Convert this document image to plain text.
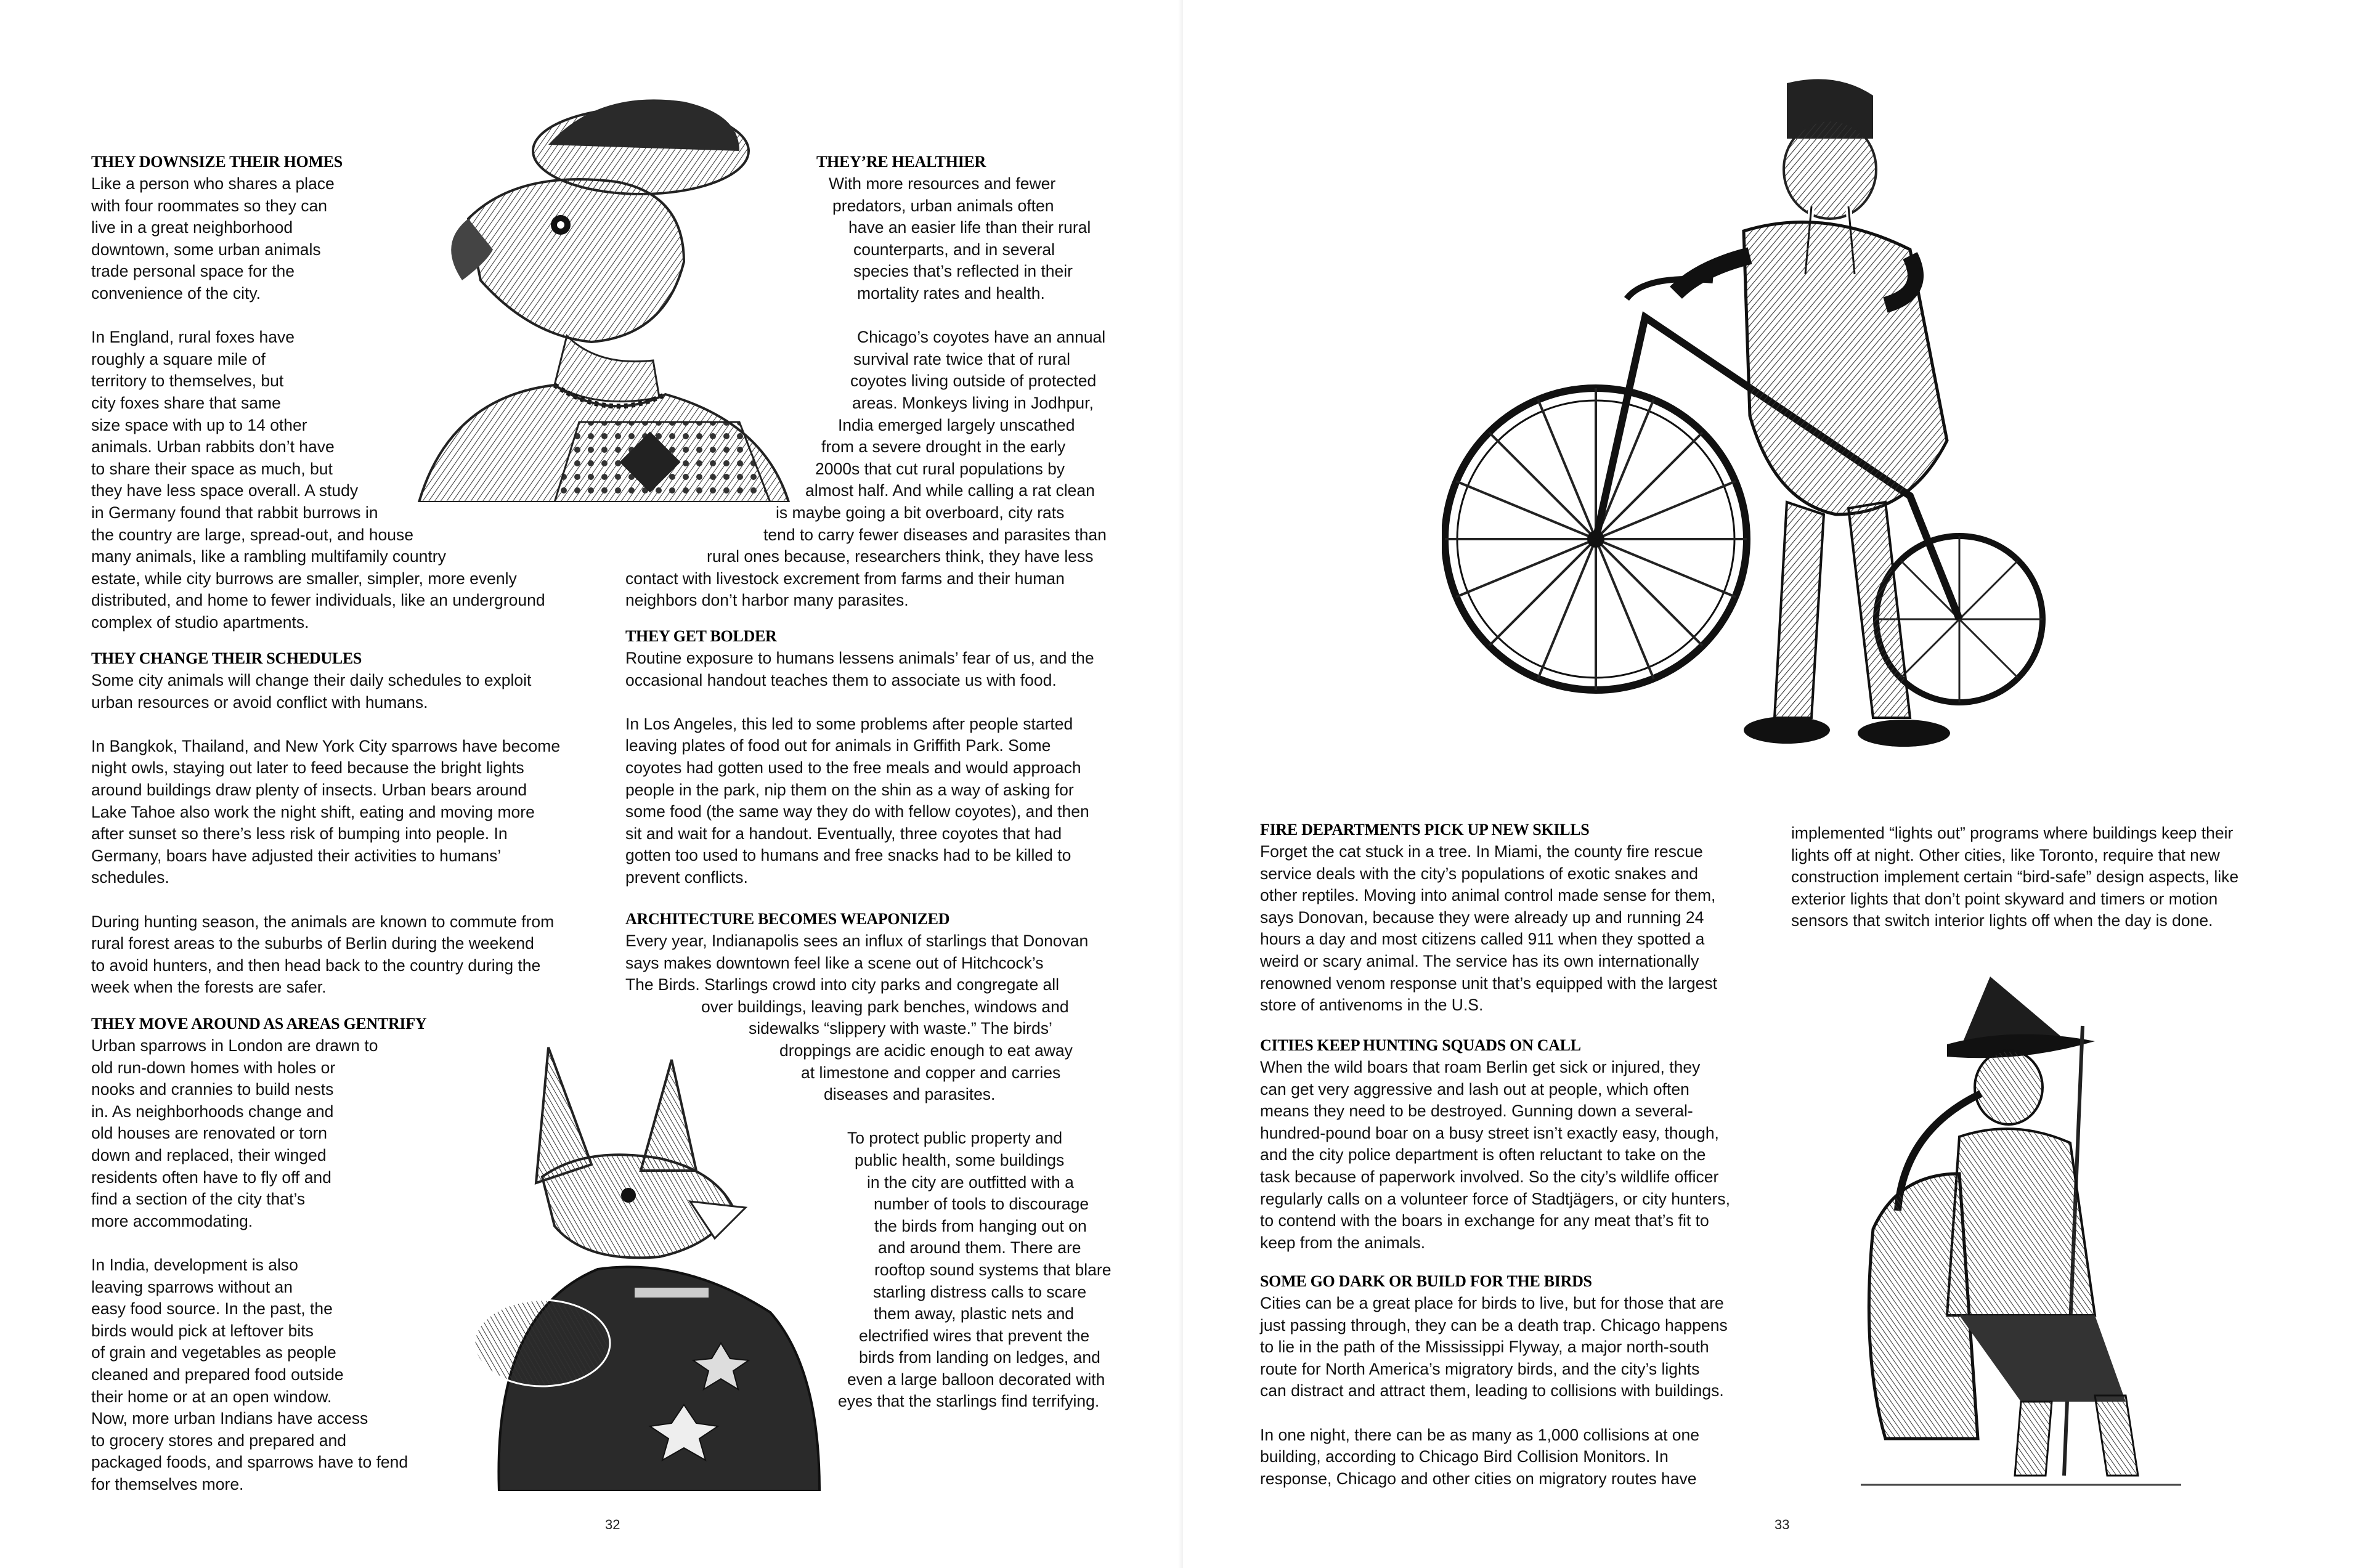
THEY DOWNSIZE THEIR HOMES

Like a person who shares a place
with four roommates so they can
live in a great neighborhood
downtown, some urban animals
trade personal space for the
convenience of the city.

In England, rural foxes have
roughly a square mile of
territory to themselves, but
city foxes share that same
size space with up to 14 other
animals. Urban rabbits don’t have
to share their space as much, but
they have less space overall. A study
in Germany found that rabbit burrows in
the country are large, spread-out, and house
many animals, like a rambling multifamily country
estate, while city burrows are smaller, simpler, more evenly
distributed, and home to fewer individuals, like an underground
complex of studio apartments.

THEY CHANGE THEIR SCHEDULES

Some city animals will change their daily schedules to exploit
urban resources or avoid conflict with humans.

In Bangkok, Thailand, and New York City sparrows have become
night owls, staying out later to feed because the bright lights
around buildings draw plenty of insects. Urban bears around
Lake Tahoe also work the night shift, eating and moving more
after sunset so there’s less risk of bumping into people. In
Germany, boars have adjusted their activities to humans’
schedules.

During hunting season, the animals are known to commute from
rural forest areas to the suburbs of Berlin during the weekend
to avoid hunters, and then head back to the country during the
week when the forests are safer.

THEY MOVE AROUND AS AREAS GENTRIFY

Urban sparrows in London are drawn to
old run-down homes with holes or
nooks and crannies to build nests
in. As neighborhoods change and
old houses are renovated or torn
down and replaced, their winged
residents often have to fly off and
find a section of the city that’s
more accommodating.

In India, development is also
leaving sparrows without an
easy food source. In the past, the
birds would pick at leftover bits
of grain and vegetables as people
cleaned and prepared food outside
their home or at an open window.
Now, more urban Indians have access
to grocery stores and prepared and
packaged foods, and sparrows have to fend
for themselves more.

THEY’RE HEALTHIER

With more resources and fewer
predators, urban animals often
have an easier life than their rural
counterparts, and in several
species that’s reflected in their
mortality rates and health.

Chicago’s coyotes have an annual
survival rate twice that of rural
coyotes living outside of protected
areas. Monkeys living in Jodhpur,
India emerged largely unscathed
from a severe drought in the early
2000s that cut rural populations by
almost half. And while calling a rat clean
is maybe going a bit overboard, city rats
tend to carry fewer diseases and parasites than
rural ones because, researchers think, they have less
contact with livestock excrement from farms and their human
neighbors don’t harbor many parasites.

THEY GET BOLDER

Routine exposure to humans lessens animals’ fear of us, and the
occasional handout teaches them to associate us with food.

In Los Angeles, this led to some problems after people started
leaving plates of food out for animals in Griffith Park. Some
coyotes had gotten used to the free meals and would approach
people in the park, nip them on the shin as a way of asking for
some food (the same way they do with fellow coyotes), and then
sit and wait for a handout. Eventually, three coyotes that had
gotten too used to humans and free snacks had to be killed to
prevent conflicts.

ARCHITECTURE BECOMES WEAPONIZED

Every year, Indianapolis sees an influx of starlings that Donovan
says makes downtown feel like a scene out of Hitchcock’s
The Birds. Starlings crowd into city parks and congregate all
over buildings, leaving park benches, windows and
sidewalks “slippery with waste.” The birds’
droppings are acidic enough to eat away
at limestone and copper and carries
diseases and parasites.

To protect public property and
public health, some buildings
in the city are outfitted with a
number of tools to discourage
the birds from hanging out on
and around them. There are
rooftop sound systems that blare
starling distress calls to scare
them away, plastic nets and
electrified wires that prevent the
birds from landing on ledges, and
even a large balloon decorated with
eyes that the starlings find terrifying.

32
FIRE DEPARTMENTS PICK UP NEW SKILLS

Forget the cat stuck in a tree. In Miami, the county fire rescue
service deals with the city’s populations of exotic snakes and
other reptiles. Moving into animal control made sense for them,
says Donovan, because they were already up and running 24
hours a day and most citizens called 911 when they spotted a
weird or scary animal. The service has its own internationally
renowned venom response unit that’s equipped with the largest
store of antivenoms in the U.S.

CITIES KEEP HUNTING SQUADS ON CALL

When the wild boars that roam Berlin get sick or injured, they
can get very aggressive and lash out at people, which often
means they need to be destroyed. Gunning down a several-
hundred-pound boar on a busy street isn’t exactly easy, though,
and the city police department is often reluctant to take on the
task because of paperwork involved. So the city’s wildlife officer
regularly calls on a volunteer force of Stadtjägers, or city hunters,
to contend with the boars in exchange for any meat that’s fit to
keep from the animals.

SOME GO DARK OR BUILD FOR THE BIRDS

Cities can be a great place for birds to live, but for those that are
just passing through, they can be a death trap. Chicago happens
to lie in the path of the Mississippi Flyway, a major north-south
route for North America’s migratory birds, and the city’s lights
can distract and attract them, leading to collisions with buildings.

In one night, there can be as many as 1,000 collisions at one
building, according to Chicago Bird Collision Monitors. In
response, Chicago and other cities on migratory routes have

implemented “lights out” programs where buildings keep their
lights off at night. Other cities, like Toronto, require that new
construction implement certain “bird-safe” design aspects, like
exterior lights that don’t point skyward and timers or motion
sensors that switch interior lights off when the day is done.

33
